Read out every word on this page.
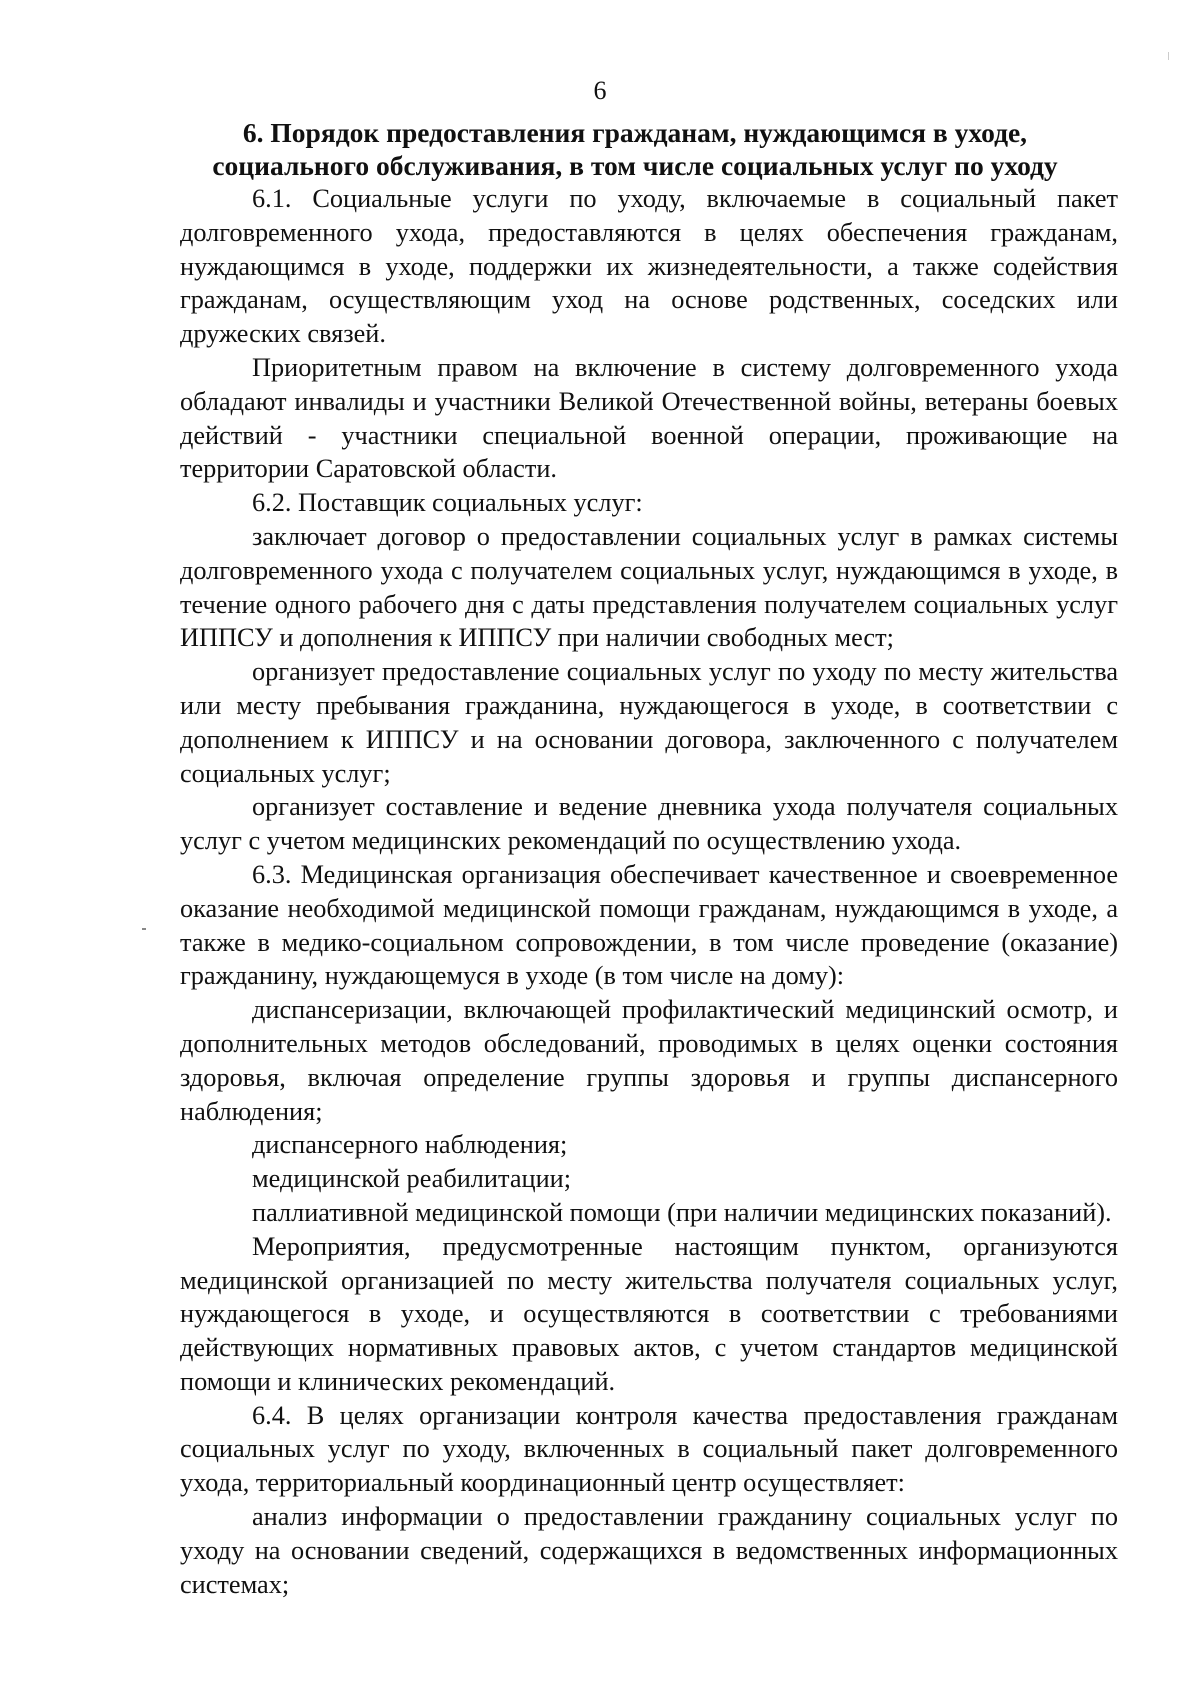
6
6. Порядок предоставления гражданам, нуждающимся в уходе,
социального обслуживания, в том числе социальных услуг по уходу

6.1. Социальные услуги по уходу, включаемые в социальный пакет долговременного ухода, предоставляются в целях обеспечения гражданам, нуждающимся в уходе, поддержки их жизнедеятельности, а также содействия гражданам, осуществляющим уход на основе родственных, соседских или дружеских связей.

Приоритетным правом на включение в систему долговременного ухода обладают инвалиды и участники Великой Отечественной войны, ветераны боевых действий - участники специальной военной операции, проживающие на территории Саратовской области.

6.2. Поставщик социальных услуг:

заключает договор о предоставлении социальных услуг в рамках системы долговременного ухода с получателем социальных услуг, нуждающимся в уходе, в течение одного рабочего дня с даты представления получателем социальных услуг ИППСУ и дополнения к ИППСУ при наличии свободных мест;

организует предоставление социальных услуг по уходу по месту жительства или месту пребывания гражданина, нуждающегося в уходе, в соответствии с дополнением к ИППСУ и на основании договора, заключенного с получателем социальных услуг;

организует составление и ведение дневника ухода получателя социальных услуг с учетом медицинских рекомендаций по осуществлению ухода.

6.3. Медицинская организация обеспечивает качественное и своевременное оказание необходимой медицинской помощи гражданам, нуждающимся в уходе, а также в медико-социальном сопровождении, в том числе проведение (оказание) гражданину, нуждающемуся в уходе (в том числе на дому):

диспансеризации, включающей профилактический медицинский осмотр, и дополнительных методов обследований, проводимых в целях оценки состояния здоровья, включая определение группы здоровья и группы диспансерного наблюдения;

диспансерного наблюдения;

медицинской реабилитации;

паллиативной медицинской помощи (при наличии медицинских показаний).

Мероприятия, предусмотренные настоящим пунктом, организуются медицинской организацией по месту жительства получателя социальных услуг, нуждающегося в уходе, и осуществляются в соответствии с требованиями действующих нормативных правовых актов, с учетом стандартов медицинской помощи и клинических рекомендаций.

6.4. В целях организации контроля качества предоставления гражданам социальных услуг по уходу, включенных в социальный пакет долговременного ухода, территориальный координационный центр осуществляет:

анализ информации о предоставлении гражданину социальных услуг по уходу на основании сведений, содержащихся в ведомственных информационных системах;
